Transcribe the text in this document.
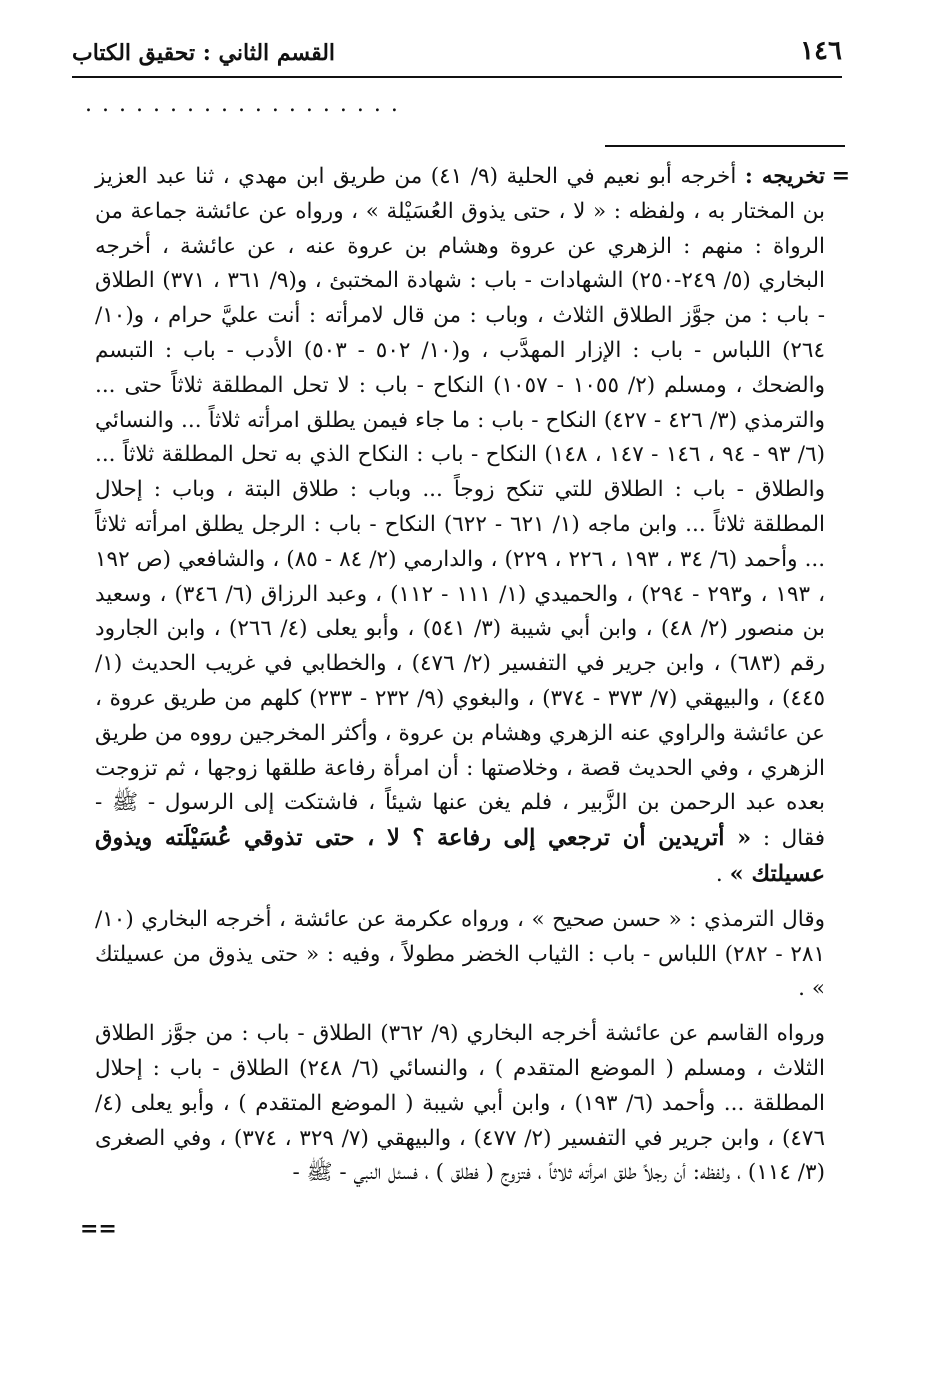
١٤٦
القسم الثاني : تحقيق الكتاب
...................
=

تخريجه : أخرجه أبو نعيم في الحلية (٩/ ٤١) من طريق ابن مهدي ، ثنا عبد العزيز بن المختار به ، ولفظه : « لا ، حتى يذوق العُسَيْلة » ، ورواه عن عائشة جماعة من الرواة : منهم : الزهري عن عروة وهشام بن عروة عنه ، عن عائشة ، أخرجه البخاري (٥/ ٢٤٩-٢٥٠) الشهادات - باب : شهادة المختبئ ، و(٩/ ٣٦١ ، ٣٧١) الطلاق - باب : من جوَّز الطلاق الثلاث ، وباب : من قال لامرأته : أنت عليَّ حرام ، و(١٠/ ٢٦٤) اللباس - باب : الإزار المهدَّب ، و(١٠/ ٥٠٢ - ٥٠٣) الأدب - باب : التبسم والضحك ، ومسلم (٢/ ١٠٥٥ - ١٠٥٧) النكاح - باب : لا تحل المطلقة ثلاثاً حتى ... والترمذي (٣/ ٤٢٦ - ٤٢٧) النكاح - باب : ما جاء فيمن يطلق امرأته ثلاثاً ... والنسائي (٦/ ٩٣ - ٩٤ ، ١٤٦ - ١٤٧ ، ١٤٨) النكاح - باب : النكاح الذي به تحل المطلقة ثلاثاً ... والطلاق - باب : الطلاق للتي تنكح زوجاً ... وباب : طلاق البتة ، وباب : إحلال المطلقة ثلاثاً ... وابن ماجه (١/ ٦٢١ - ٦٢٢) النكاح - باب : الرجل يطلق امرأته ثلاثاً ... وأحمد (٦/ ٣٤ ، ١٩٣ ، ٢٢٦ ، ٢٢٩) ، والدارمي (٢/ ٨٤ - ٨٥) ، والشافعي (ص ١٩٢ ، ١٩٣ ، و٢٩٣ - ٢٩٤) ، والحميدي (١/ ١١١ - ١١٢) ، وعبد الرزاق (٦/ ٣٤٦) ، وسعيد بن منصور (٢/ ٤٨) ، وابن أبي شيبة (٣/ ٥٤١) ، وأبو يعلى (٤/ ٢٦٦) ، وابن الجارود رقم (٦٨٣) ، وابن جرير في التفسير (٢/ ٤٧٦) ، والخطابي في غريب الحديث (١/ ٤٤٥) ، والبيهقي (٧/ ٣٧٣ - ٣٧٤) ، والبغوي (٩/ ٢٣٢ - ٢٣٣) كلهم من طريق عروة ، عن عائشة والراوي عنه الزهري وهشام بن عروة ، وأكثر المخرجين رووه من طريق الزهري ، وفي الحديث قصة ، وخلاصتها : أن امرأة رفاعة طلقها زوجها ، ثم تزوجت بعده عبد الرحمن بن الزَّبير ، فلم يغن عنها شيئاً ، فاشتكت إلى الرسول - ﷺ - فقال : « أتريدين أن ترجعي إلى رفاعة ؟ لا ، حتى تذوقي عُسَيْلَته ويذوق عسيلتك » .

وقال الترمذي : « حسن صحيح » ، ورواه عكرمة عن عائشة ، أخرجه البخاري (١٠/ ٢٨١ - ٢٨٢) اللباس - باب : الثياب الخضر مطولاً ، وفيه : « حتى يذوق من عسيلتك » .

ورواه القاسم عن عائشة أخرجه البخاري (٩/ ٣٦٢) الطلاق - باب : من جوَّز الطلاق الثلاث ، ومسلم ( الموضع المتقدم ) ، والنسائي (٦/ ٢٤٨) الطلاق - باب : إحلال المطلقة ... وأحمد (٦/ ١٩٣) ، وابن أبي شيبة ( الموضع المتقدم ) ، وأبو يعلى (٤/ ٤٧٦) ، وابن جرير في التفسير (٢/ ٤٧٧) ، والبيهقي (٧/ ٣٢٩ ، ٣٧٤) ، وفي الصغرى (٣/ ١١٤) ، ولفظه: أن رجلاً طلق امرأته ثلاثاً ، فتزوج ( فطلق ) ، فسئل النبي - ﷺ -

==
